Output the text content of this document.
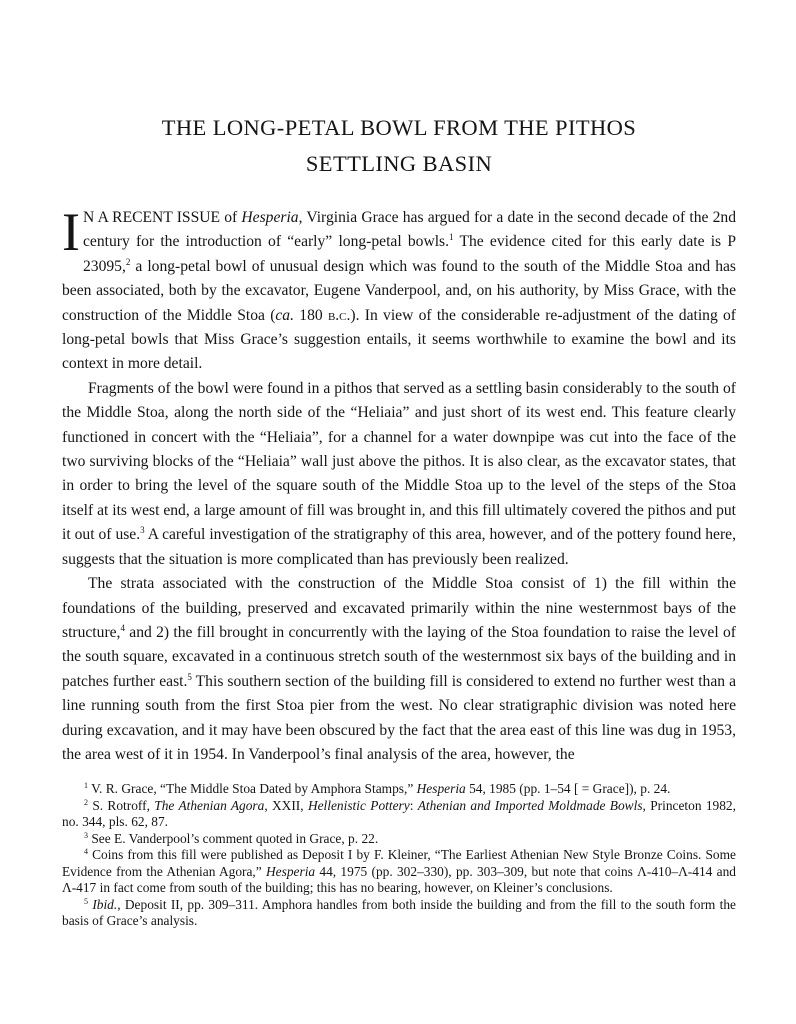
THE LONG-PETAL BOWL FROM THE PITHOS
SETTLING BASIN

I N A RECENT ISSUE of Hesperia, Virginia Grace has argued for a date in the second decade of the 2nd century for the introduction of “early” long-petal bowls.$^1$ The evidence cited for this early date is P 23095,$^2$ a long-petal bowl of unusual design which was found to the south of the Middle Stoa and has been associated, both by the excavator, Eugene Vanderpool, and, on his authority, by Miss Grace, with the construction of the Middle Stoa (ca. 180 b.c.). In view of the considerable re-adjustment of the dating of long-petal bowls that Miss Grace’s suggestion entails, it seems worthwhile to examine the bowl and its context in more detail.

Fragments of the bowl were found in a pithos that served as a settling basin considerably to the south of the Middle Stoa, along the north side of the “Heliaia” and just short of its west end. This feature clearly functioned in concert with the “Heliaia”, for a channel for a water downpipe was cut into the face of the two surviving blocks of the “Heliaia” wall just above the pithos. It is also clear, as the excavator states, that in order to bring the level of the square south of the Middle Stoa up to the level of the steps of the Stoa itself at its west end, a large amount of fill was brought in, and this fill ultimately covered the pithos and put it out of use.$^3$ A careful investigation of the stratigraphy of this area, however, and of the pottery found here, suggests that the situation is more complicated than has previously been realized.

The strata associated with the construction of the Middle Stoa consist of 1) the fill within the foundations of the building, preserved and excavated primarily within the nine westernmost bays of the structure,$^4$ and 2) the fill brought in concurrently with the laying of the Stoa foundation to raise the level of the south square, excavated in a continuous stretch south of the westernmost six bays of the building and in patches further east.$^5$ This southern section of the building fill is considered to extend no further west than a line running south from the first Stoa pier from the west. No clear stratigraphic division was noted here during excavation, and it may have been obscured by the fact that the area east of this line was dug in 1953, the area west of it in 1954. In Vanderpool’s final analysis of the area, however, the

$^1$ V. R. Grace, “The Middle Stoa Dated by Amphora Stamps,” Hesperia 54, 1985 (pp. 1–54 [ = Grace]), p. 24.

$^2$ S. Rotroff, The Athenian Agora, XXII, Hellenistic Pottery: Athenian and Imported Moldmade Bowls, Princeton 1982, no. 344, pls. 62, 87.

$^3$ See E. Vanderpool’s comment quoted in Grace, p. 22.

$^4$ Coins from this fill were published as Deposit I by F. Kleiner, “The Earliest Athenian New Style Bronze Coins. Some Evidence from the Athenian Agora,” Hesperia 44, 1975 (pp. 302–330), pp. 303–309, but note that coins Λ-410–Λ-414 and Λ-417 in fact come from south of the building; this has no bearing, however, on Kleiner’s conclusions.

$^5$ Ibid., Deposit II, pp. 309–311. Amphora handles from both inside the building and from the fill to the south form the basis of Grace’s analysis.
